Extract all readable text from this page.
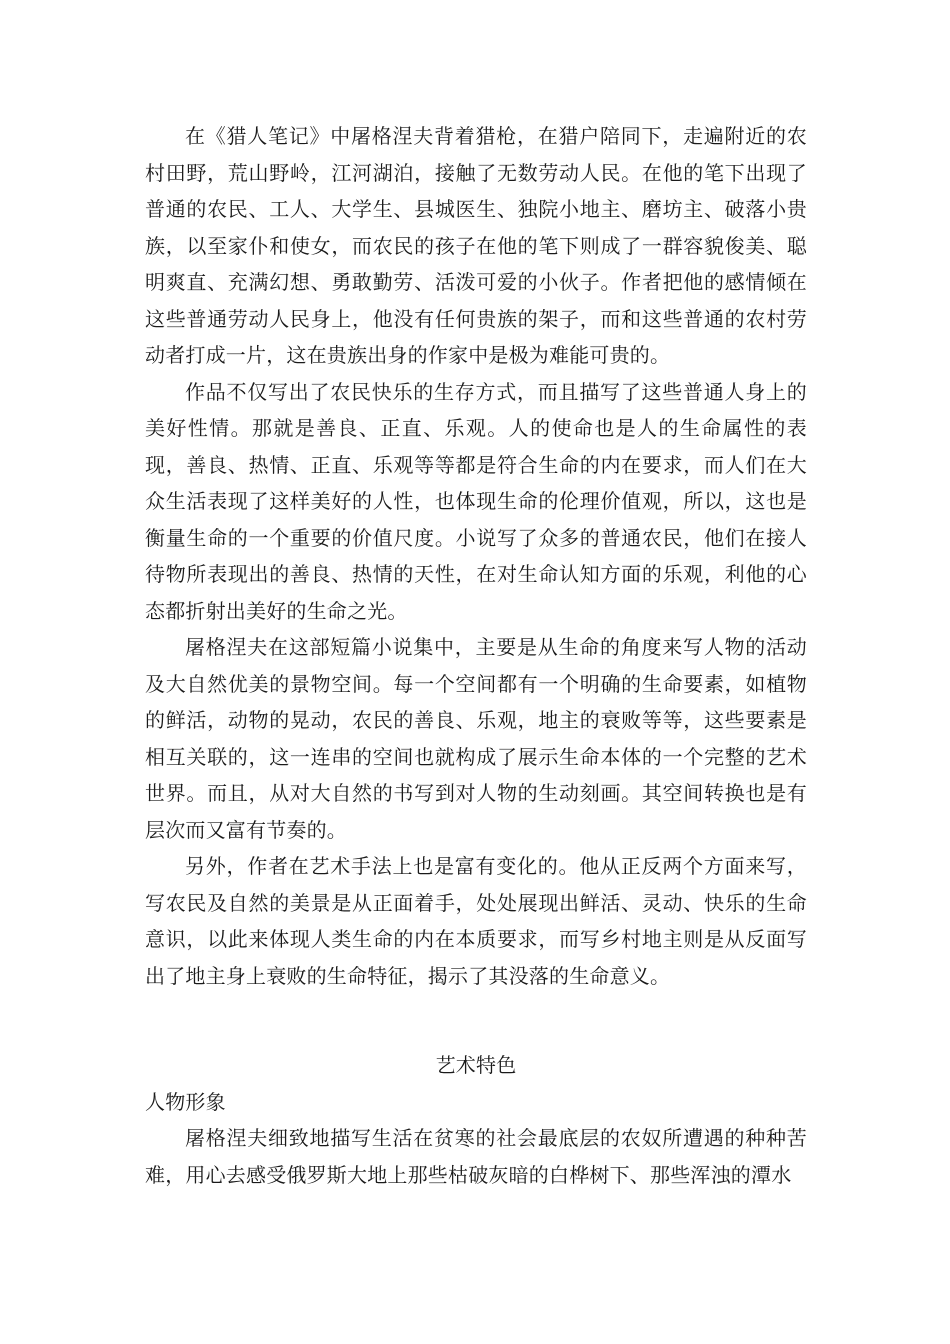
在《猎人笔记》中屠格涅夫背着猎枪，在猎户陪同下，走遍附近的农村田野，荒山野岭，江河湖泊，接触了无数劳动人民。在他的笔下出现了普通的农民、工人、大学生、县城医生、独院小地主、磨坊主、破落小贵族，以至家仆和使女，而农民的孩子在他的笔下则成了一群容貌俊美、聪明爽直、充满幻想、勇敢勤劳、活泼可爱的小伙子。作者把他的感情倾在这些普通劳动人民身上，他没有任何贵族的架子，而和这些普通的农村劳动者打成一片，这在贵族出身的作家中是极为难能可贵的。

作品不仅写出了农民快乐的生存方式，而且描写了这些普通人身上的美好性情。那就是善良、正直、乐观。人的使命也是人的生命属性的表现，善良、热情、正直、乐观等等都是符合生命的内在要求，而人们在大众生活表现了这样美好的人性，也体现生命的伦理价值观，所以，这也是衡量生命的一个重要的价值尺度。小说写了众多的普通农民，他们在接人待物所表现出的善良、热情的天性，在对生命认知方面的乐观，利他的心态都折射出美好的生命之光。

屠格涅夫在这部短篇小说集中，主要是从生命的角度来写人物的活动及大自然优美的景物空间。每一个空间都有一个明确的生命要素，如植物的鲜活，动物的晃动，农民的善良、乐观，地主的衰败等等，这些要素是相互关联的，这一连串的空间也就构成了展示生命本体的一个完整的艺术世界。而且，从对大自然的书写到对人物的生动刻画。其空间转换也是有层次而又富有节奏的。

另外，作者在艺术手法上也是富有变化的。他从正反两个方面来写，写农民及自然的美景是从正面着手，处处展现出鲜活、灵动、快乐的生命意识，以此来体现人类生命的内在本质要求，而写乡村地主则是从反面写出了地主身上衰败的生命特征，揭示了其没落的生命意义。

艺术特色

人物形象

屠格涅夫细致地描写生活在贫寒的社会最底层的农奴所遭遇的种种苦难，用心去感受俄罗斯大地上那些枯破灰暗的白桦树下、那些浑浊的潭水
